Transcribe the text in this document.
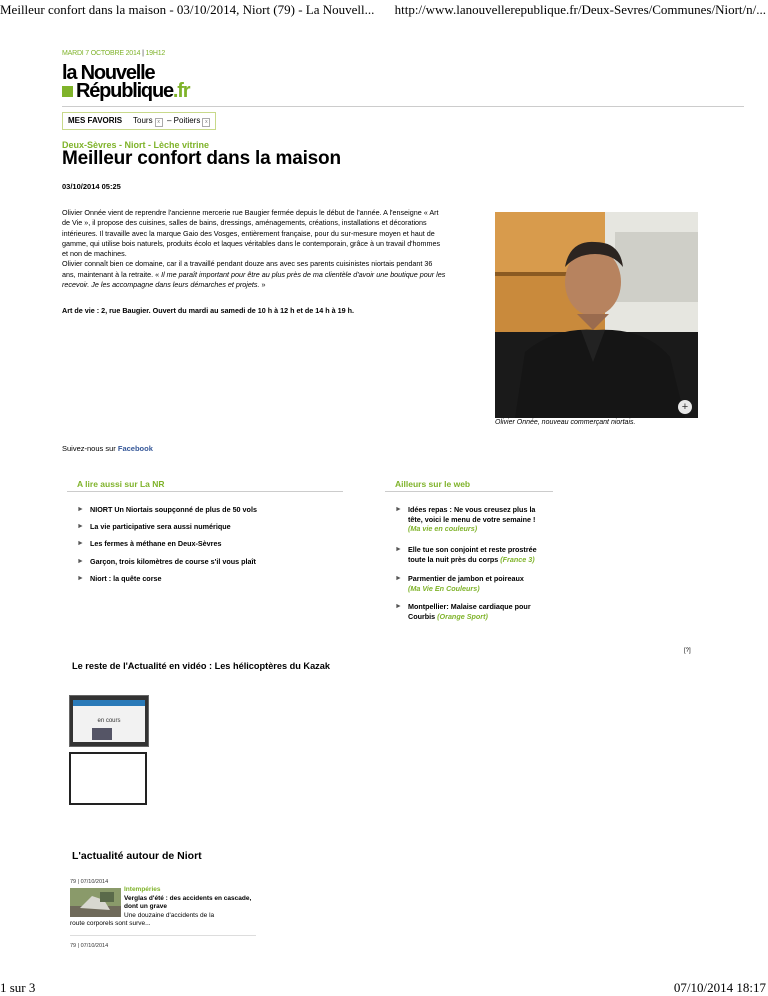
Meilleur confort dans la maison - 03/10/2014, Niort (79) - La Nouvell... http://www.lanouvellerepublique.fr/Deux-Sevres/Communes/Niort/n/...
1 sur 3	07/10/2014 18:17
MARDI 7 OCTOBRE 2014 | 19H12
la Nouvelle
République.fr
MES FAVORIS Tours x – Poitiers x
Deux-Sèvres - Niort - Lèche vitrine
Meilleur confort dans la maison
03/10/2014 05:25
Olivier Onnée vient de reprendre l'ancienne mercerie rue Baugier fermée depuis le début de l'année. A l'enseigne « Art
de Vie », il propose des cuisines, salles de bains, dressings, aménagements, créations, installations et décorations
intérieures. Il travaille avec la marque Gaio des Vosges, entièrement française, pour du sur-mesure moyen et haut de
gamme, qui utilise bois naturels, produits écolo et laques véritables dans le contemporain, grâce à un travail d'hommes
et non de machines.
Olivier connaît bien ce domaine, car il a travaillé pendant douze ans avec ses parents cuisinistes niortais pendant 36
ans, maintenant à la retraite. « Il me paraît important pour être au plus près de ma clientèle d'avoir une boutique pour les
recevoir. Je les accompagne dans leurs démarches et projets. »
Art de vie : 2, rue Baugier. Ouvert du mardi au samedi de 10 h à 12 h et de 14 h à 19 h.
+
Olivier Onnée, nouveau commerçant niortais.
Suivez-nous sur Facebook
A lire aussi sur La NR
► NIORT Un Niortais soupçonné de plus de 50 vols
► La vie participative sera aussi numérique
► Les fermes à méthane en Deux-Sèvres
► Garçon, trois kilomètres de course s'il vous plaît
► Niort : la quête corse
Ailleurs sur le web
► Idées repas : Ne vous creusez plus la
tête, voici le menu de votre semaine !
(Ma vie en couleurs)
► Elle tue son conjoint et reste prostrée
toute la nuit près du corps (France 3)
► Parmentier de jambon et poireaux
(Ma Vie En Couleurs)
► Montpellier: Malaise cardiaque pour
Courbis (Orange Sport)
[?]
Le reste de l'Actualité en vidéo : Les hélicoptères du Kazak
en cours
L'actualité autour de Niort
79 | 07/10/2014
Intempéries
Verglas d'été : des accidents en cascade, dont un grave
Une douzaine d'accidents de la
route corporels sont surve...
79 | 07/10/2014
